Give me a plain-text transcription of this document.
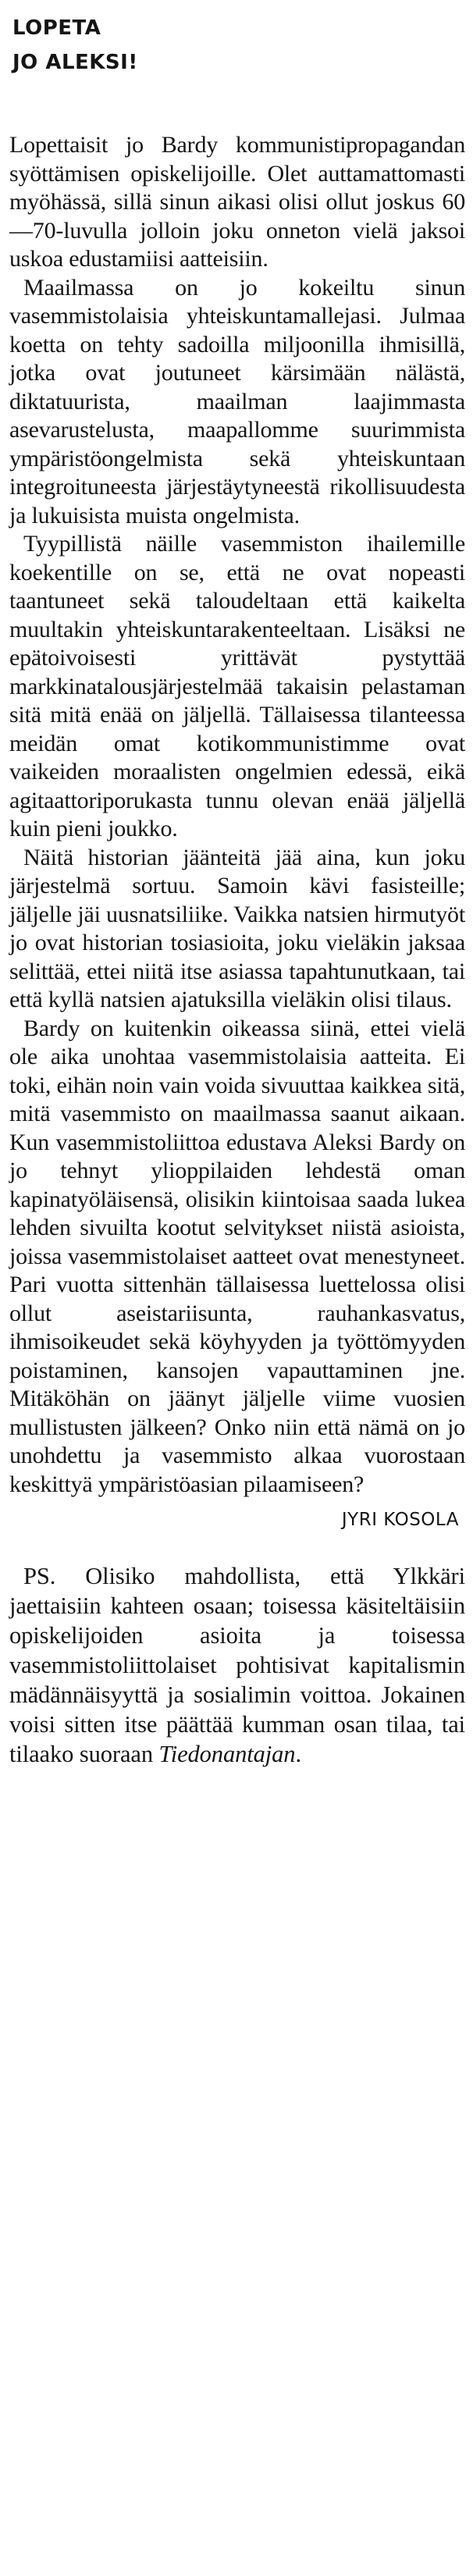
LOPETA
JO ALEKSI!

Lopettaisit jo Bardy kommunistipropagandan syöttämisen opiskelijoille. Olet auttamattomasti myöhässä, sillä sinun aikasi olisi ollut joskus 60—70-luvulla jolloin joku onneton vielä jaksoi uskoa edustamiisi aatteisiin.

Maailmassa on jo kokeiltu sinun vasemmistolaisia yhteiskuntamallejasi. Julmaa koetta on tehty sadoilla miljoonilla ihmisillä, jotka ovat joutuneet kärsimään nälästä, diktatuurista, maailman laajimmasta asevarustelusta, maapallomme suurimmista ympäristöongelmista sekä yhteiskuntaan integroituneesta järjestäytyneestä rikollisuudesta ja lukuisista muista ongelmista.

Tyypillistä näille vasemmiston ihailemille koekentille on se, että ne ovat nopeasti taantuneet sekä taloudeltaan että kaikelta muultakin yhteiskuntarakenteeltaan. Lisäksi ne epätoivoisesti yrittävät pystyttää markkinatalousjärjestelmää takaisin pelastaman sitä mitä enää on jäljellä. Tällaisessa tilanteessa meidän omat kotikommunistimme ovat vaikeiden moraalisten ongelmien edessä, eikä agitaattoriporukasta tunnu olevan enää jäljellä kuin pieni joukko.

Näitä historian jäänteitä jää aina, kun joku järjestelmä sortuu. Samoin kävi fasisteille; jäljelle jäi uusnatsiliike. Vaikka natsien hirmutyöt jo ovat historian tosiasioita, joku vieläkin jaksaa selittää, ettei niitä itse asiassa tapahtunutkaan, tai että kyllä natsien ajatuksilla vieläkin olisi tilaus.

Bardy on kuitenkin oikeassa siinä, ettei vielä ole aika unohtaa vasemmistolaisia aatteita. Ei toki, eihän noin vain voida sivuuttaa kaikkea sitä, mitä vasemmisto on maailmassa saanut aikaan. Kun vasemmistoliittoa edustava Aleksi Bardy on jo tehnyt ylioppilaiden lehdestä oman kapinatyöläisensä, olisikin kiintoisaa saada lukea lehden sivuilta kootut selvitykset niistä asioista, joissa vasemmistolaiset aatteet ovat menestyneet. Pari vuotta sittenhän tällaisessa luettelossa olisi ollut aseistariisunta, rauhankasvatus, ihmisoikeudet sekä köyhyyden ja työttömyyden poistaminen, kansojen vapauttaminen jne. Mitäköhän on jäänyt jäljelle viime vuosien mullistusten jälkeen? Onko niin että nämä on jo unohdettu ja vasemmisto alkaa vuorostaan keskittyä ympäristöasian pilaamiseen?

JYRI KOSOLA

PS. Olisiko mahdollista, että Ylkkäri jaettaisiin kahteen osaan; toisessa käsiteltäisiin opiskelijoiden asioita ja toisessa vasemmistoliittolaiset pohtisivat kapitalismin mädännäisyyttä ja sosialimin voittoa. Jokainen voisi sitten itse päättää kumman osan tilaa, tai tilaako suoraan Tiedonantajan.
